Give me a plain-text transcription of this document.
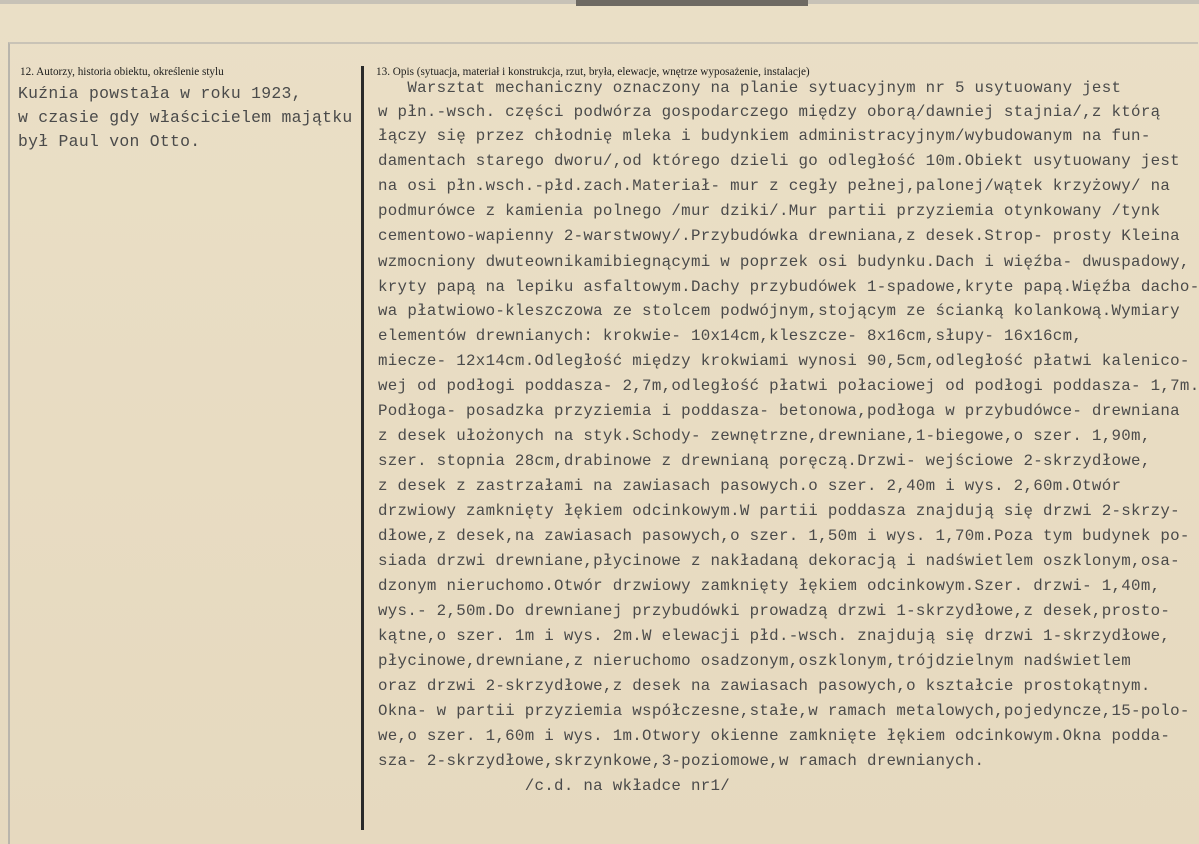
12. Autorzy, historia obiektu, określenie stylu	13. Opis (sytuacja, materiał i konstrukcja, rzut, bryła, elewacje, wnętrze wyposażenie, instalacje)
Kuźnia powstała w roku 1923,
w czasie gdy właścicielem majątku
był Paul von Otto.
Warsztat mechaniczny oznaczony na planie sytuacyjnym nr 5 usytuowany jest
w płn.-wsch. części podwórza gospodarczego między oborą/dawniej stajnia/,z którą
łączy się przez chłodnię mleka i budynkiem administracyjnym/wybudowanym na fun-
damentach starego dworu/,od którego dzieli go odległość 10m.Obiekt usytuowany jest
na osi płn.wsch.-płd.zach.Materiał- mur z cegły pełnej,palonej/wątek krzyżowy/ na
podmurówce z kamienia polnego /mur dziki/.Mur partii przyziemia otynkowany /tynk
cementowo-wapienny 2-warstwowy/.Przybudówka drewniana,z desek.Strop- prosty Kleina
wzmocniony dwuteownikamibiegnącymi w poprzek osi budynku.Dach i więźba- dwuspadowy,
kryty papą na lepiku asfaltowym.Dachy przybudówek 1-spadowe,kryte papą.Więźba dacho-
wa płatwiowo-kleszczowa ze stolcem podwójnym,stojącym ze ścianką kolankową.Wymiary
elementów drewnianych: krokwie- 10x14cm,kleszcze- 8x16cm,słupy- 16x16cm,
miecze- 12x14cm.Odległość między krokwiami wynosi 90,5cm,odległość płatwi kalenico-
wej od podłogi poddasza- 2,7m,odległość płatwi połaciowej od podłogi poddasza- 1,7m.
Podłoga- posadzka przyziemia i poddasza- betonowa,podłoga w przybudówce- drewniana
z desek ułożonych na styk.Schody- zewnętrzne,drewniane,1-biegowe,o szer. 1,90m,
szer. stopnia 28cm,drabinowe z drewnianą poręczą.Drzwi- wejściowe 2-skrzydłowe,
z desek z zastrzałami na zawiasach pasowych.o szer. 2,40m i wys. 2,60m.Otwór
drzwiowy zamknięty łękiem odcinkowym.W partii poddasza znajdują się drzwi 2-skrzy-
dłowe,z desek,na zawiasach pasowych,o szer. 1,50m i wys. 1,70m.Poza tym budynek po-
siada drzwi drewniane,płycinowe z nakładaną dekoracją i nadświetlem oszklonym,osa-
dzonym nieruchomo.Otwór drzwiowy zamknięty łękiem odcinkowym.Szer. drzwi- 1,40m,
wys.- 2,50m.Do drewnianej przybudówki prowadzą drzwi 1-skrzydłowe,z desek,prosto-
kątne,o szer. 1m i wys. 2m.W elewacji płd.-wsch. znajdują się drzwi 1-skrzydłowe,
płycinowe,drewniane,z nieruchomo osadzonym,oszklonym,trójdzielnym nadświetlem
oraz drzwi 2-skrzydłowe,z desek na zawiasach pasowych,o kształcie prostokątnym.
Okna- w partii przyziemia współczesne,stałe,w ramach metalowych,pojedyncze,15-polo-
we,o szer. 1,60m i wys. 1m.Otwory okienne zamknięte łękiem odcinkowym.Okna podda-
sza- 2-skrzydłowe,skrzynkowe,3-poziomowe,w ramach drewnianych.
/c.d. na wkładce nr1/
